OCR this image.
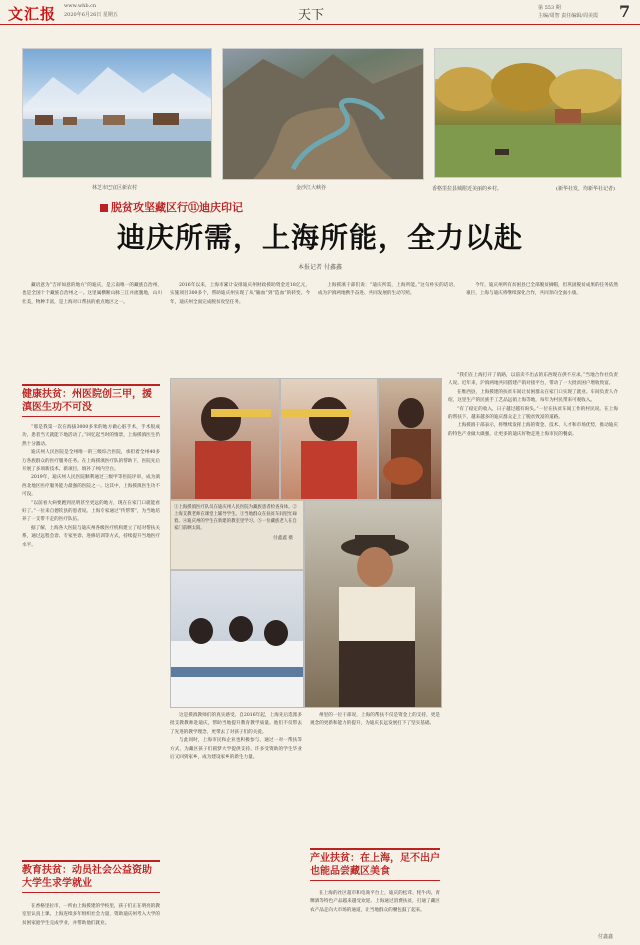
文汇报 www.whb.cn
2020年6月26日 星期五	天下	第 553 期
主编/周智 责任编辑/周美霞 7
林芝市巴宜区新农村	金沙江大峡谷	香格里拉县城附近美丽的乡村。	(新华社发，均新华社记者)
脱贫攻坚藏区行⑪迪庆印记
迪庆所需，上海所能，全力以赴
本报记者 付鑫鑫

藏语意为“吉祥如意的地方”的迪庆，是云南唯一的藏族自治州，也是全国十个藏族自治州之一。这里属横断山脉三江并流腹地，山川壮美，物种丰富，是上海对口帮扶的重点地区之一。

2016年以来，上海市累计安排迪庆州财政援助资金近18亿元，实施项目300多个，帮助迪庆州实现了从“输血”到“造血”的转变。今年，迪庆州全面完成脱贫攻坚任务。

上海援滇干部们说：“迪庆所需，上海所能。”这句朴实的话语，成为沪滇两地携手奋进、共同发展的生动写照。

今年，迪庆州所有贫困县已全部脱贫摘帽，但巩固脱贫成果的任务依然艰巨，上海与迪庆将继续深化合作，共同奔向全面小康。

健康扶贫：州医院创三甲，援滇医生功不可没

“那是我第一次在海拔3000多米的地方做心脏手术，手术很成功，患者当天就能下地活动了。”回忆起当时的情景，上海援滇医生仍然十分激动。

迪庆州人民医院是全州唯一的三级综合医院，承担着全州40多万各族群众的医疗服务任务。在上海援滇医疗队的帮助下，医院先后开展了多项新技术、新项目，填补了州内空白。

2019年，迪庆州人民医院顺利通过三级甲等医院评审，成为滇西北地区医疗服务能力最强的医院之一。这其中，上海援滇医生功不可没。

“以前看大病要跑到昆明甚至更远的地方，现在在家门口就能看好了。”一位来自德钦县的患者说。上海专家通过“传帮带”，为当地培养了一支带不走的医疗队伍。

据了解，上海各大医院与迪庆州各级医疗机构建立了结对帮扶关系，通过远程会诊、专家坐诊、进修培训等方式，持续提升当地医疗水平。

教育扶贫：动员社会公益资助大学生求学就业

在香格里拉市，一所由上海援建的学校里，孩子们正在明亮的教室里认真上课。上海连续多年组织社会力量，资助迪庆州考入大学的贫困家庭学生完成学业，并帮助他们就业。

①上海援滇医疗队员在迪庆州人民医院为藏族患者检查身体。②上海支教老师在课堂上辅导学生。③当地群众在扶贫车间里忙碌着。④迪庆州的学生在新建的教室里学习。⑤一位藏族老人在自家门前晒太阳。
付鑫鑫 摄

这是援滇教师们的真实感受。自2016年起，上海先后选派多批支教教师赴迪庆，帮助当地提升教育教学质量。他们不仅带去了先进的教学理念，更带去了对孩子们的关爱。

与此同时，上海市民和企业也积极参与，通过一对一帮扶等方式，为藏区孩子们圆梦大学提供支持。许多受资助的学生毕业后又回到家乡，成为建设家乡的新生力量。

州里的一位干部说，上海的帮扶不仅是资金上的支持，更是观念的更新和能力的提升，为迪庆长远发展打下了坚实基础。

产业扶贫：在上海，足不出户也能品尝藏区美食

在上海的社区超市和电商平台上，迪庆的松茸、牦牛肉、青稞酒等特色产品越来越受欢迎。上海通过消费扶贫，打通了藏区农产品走向大市场的通道，让当地群众的腰包鼓了起来。

“我们在上海打开了销路，以前卖不出去的东西现在供不应求。”当地合作社负责人说。近年来，沪滇两地共同搭建产销对接平台，带动了一大批贫困户增收致富。

在维西县，上海援建的扶贫车间让贫困群众在家门口实现了就业。车间负责人介绍，这里生产的民族手工艺品远销上海等地，每年为村民带来可观收入。

“有了稳定的收入，日子越过越有盼头。”一位在扶贫车间工作的村民说。在上海的帮扶下，越来越多的迪庆群众走上了脱贫致富的道路。

上海援滇干部表示，将继续发挥上海的资金、技术、人才和市场优势，推动迪庆的特色产业做大做强，让更多的迪庆好物走进上海市民的餐桌。

付鑫鑫
